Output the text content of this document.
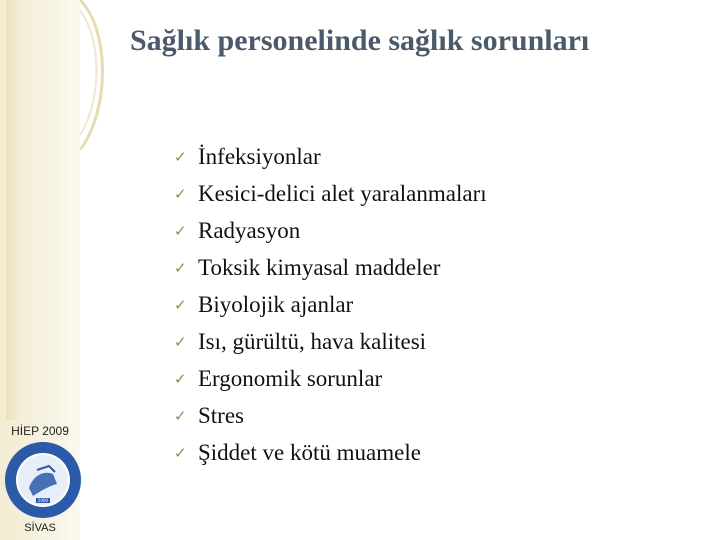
Sağlık personelinde sağlık sorunları
✓ İnfeksiyonlar
✓ Kesici-delici alet yaralanmaları
✓ Radyasyon
✓ Toksik kimyasal maddeler
✓ Biyolojik ajanlar
✓ Isı, gürültü, hava kalitesi
✓ Ergonomik sorunlar
✓ Stres
✓ Şiddet ve kötü muamele
HİEP 2009
2000
SİVAS
